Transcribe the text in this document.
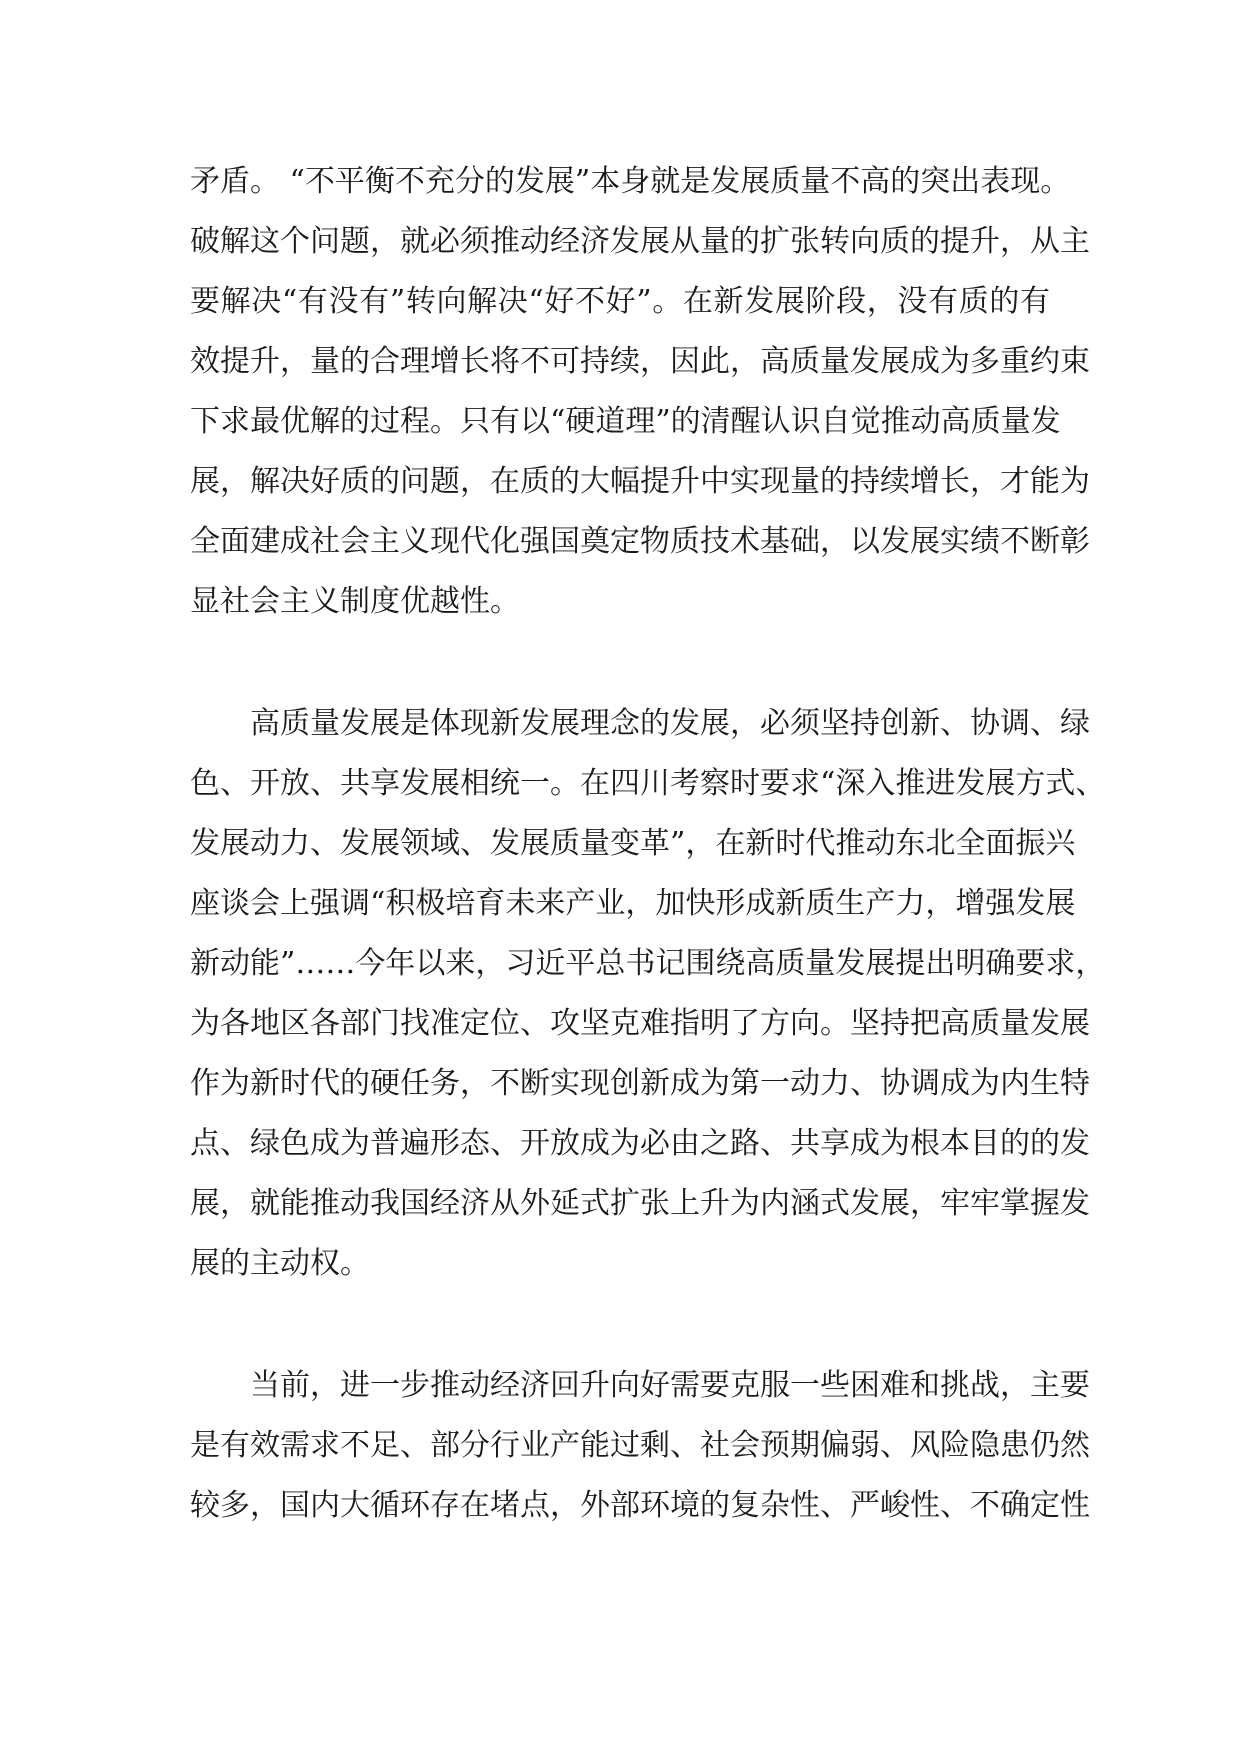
矛盾。 “不平衡不充分的发展”本身就是发展质量不高的突出表现。
破解这个问题，就必须推动经济发展从量的扩张转向质的提升，从主
要解决“有没有”转向解决“好不好”。在新发展阶段，没有质的有
效提升，量的合理增长将不可持续，因此，高质量发展成为多重约束
下求最优解的过程。只有以“硬道理”的清醒认识自觉推动高质量发
展，解决好质的问题，在质的大幅提升中实现量的持续增长，才能为
全面建成社会主义现代化强国奠定物质技术基础，以发展实绩不断彰
显社会主义制度优越性。
高质量发展是体现新发展理念的发展，必须坚持创新、协调、绿
色、开放、共享发展相统一。在四川考察时要求“深入推进发展方式、
发展动力、发展领域、发展质量变革”，在新时代推动东北全面振兴
座谈会上强调“积极培育未来产业，加快形成新质生产力，增强发展
新动能”……今年以来，习近平总书记围绕高质量发展提出明确要求，
为各地区各部门找准定位、攻坚克难指明了方向。坚持把高质量发展
作为新时代的硬任务，不断实现创新成为第一动力、协调成为内生特
点、绿色成为普遍形态、开放成为必由之路、共享成为根本目的的发
展，就能推动我国经济从外延式扩张上升为内涵式发展，牢牢掌握发
展的主动权。
当前，进一步推动经济回升向好需要克服一些困难和挑战，主要
是有效需求不足、部分行业产能过剩、社会预期偏弱、风险隐患仍然
较多，国内大循环存在堵点，外部环境的复杂性、严峻性、不确定性
